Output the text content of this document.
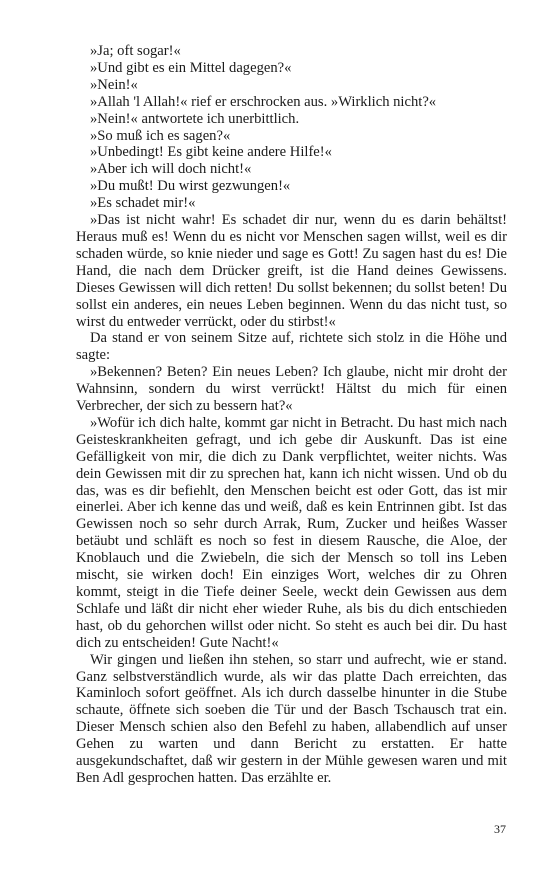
»Ja; oft sogar!«

»Und gibt es ein Mittel dagegen?«

»Nein!«

»Allah 'l Allah!« rief er erschrocken aus. »Wirklich nicht?«

»Nein!« antwortete ich unerbittlich.

»So muß ich es sagen?«

»Unbedingt! Es gibt keine andere Hilfe!«

»Aber ich will doch nicht!«

»Du mußt! Du wirst gezwungen!«

»Es schadet mir!«

»Das ist nicht wahr! Es schadet dir nur, wenn du es darin behältst! Heraus muß es! Wenn du es nicht vor Menschen sagen willst, weil es dir schaden würde, so knie nieder und sage es Gott! Zu sagen hast du es! Die Hand, die nach dem Drücker greift, ist die Hand deines Gewissens. Dieses Gewissen will dich retten! Du sollst bekennen; du sollst beten! Du sollst ein anderes, ein neues Leben beginnen. Wenn du das nicht tust, so wirst du entweder verrückt, oder du stirbst!«

Da stand er von seinem Sitze auf, richtete sich stolz in die Höhe und sagte:

»Bekennen? Beten? Ein neues Leben? Ich glaube, nicht mir droht der Wahnsinn, sondern du wirst verrückt! Hältst du mich für einen Verbrecher, der sich zu bessern hat?«

»Wofür ich dich halte, kommt gar nicht in Betracht. Du hast mich nach Geisteskrankheiten gefragt, und ich gebe dir Auskunft. Das ist eine Gefälligkeit von mir, die dich zu Dank verpflichtet, weiter nichts. Was dein Gewissen mit dir zu sprechen hat, kann ich nicht wissen. Und ob du das, was es dir befiehlt, den Menschen beicht est oder Gott, das ist mir einerlei. Aber ich kenne das und weiß, daß es kein Entrinnen gibt. Ist das Gewissen noch so sehr durch Arrak, Rum, Zucker und heißes Wasser betäubt und schläft es noch so fest in diesem Rausche, die Aloe, der Knoblauch und die Zwiebeln, die sich der Mensch so toll ins Leben mischt, sie wirken doch! Ein einziges Wort, welches dir zu Ohren kommt, steigt in die Tiefe deiner Seele, weckt dein Gewissen aus dem Schlafe und läßt dir nicht eher wieder Ruhe, als bis du dich entschieden hast, ob du gehorchen willst oder nicht. So steht es auch bei dir. Du hast dich zu entscheiden! Gute Nacht!«

Wir gingen und ließen ihn stehen, so starr und aufrecht, wie er stand. Ganz selbstverständlich wurde, als wir das platte Dach erreichten, das Kaminloch sofort geöffnet. Als ich durch dasselbe hinunter in die Stube schaute, öffnete sich soeben die Tür und der Basch Tschausch trat ein. Dieser Mensch schien also den Befehl zu haben, allabendlich auf unser Gehen zu warten und dann Bericht zu erstatten. Er hatte ausgekundschaftet, daß wir gestern in der Mühle gewesen waren und mit Ben Adl gesprochen hatten. Das erzählte er.

37
